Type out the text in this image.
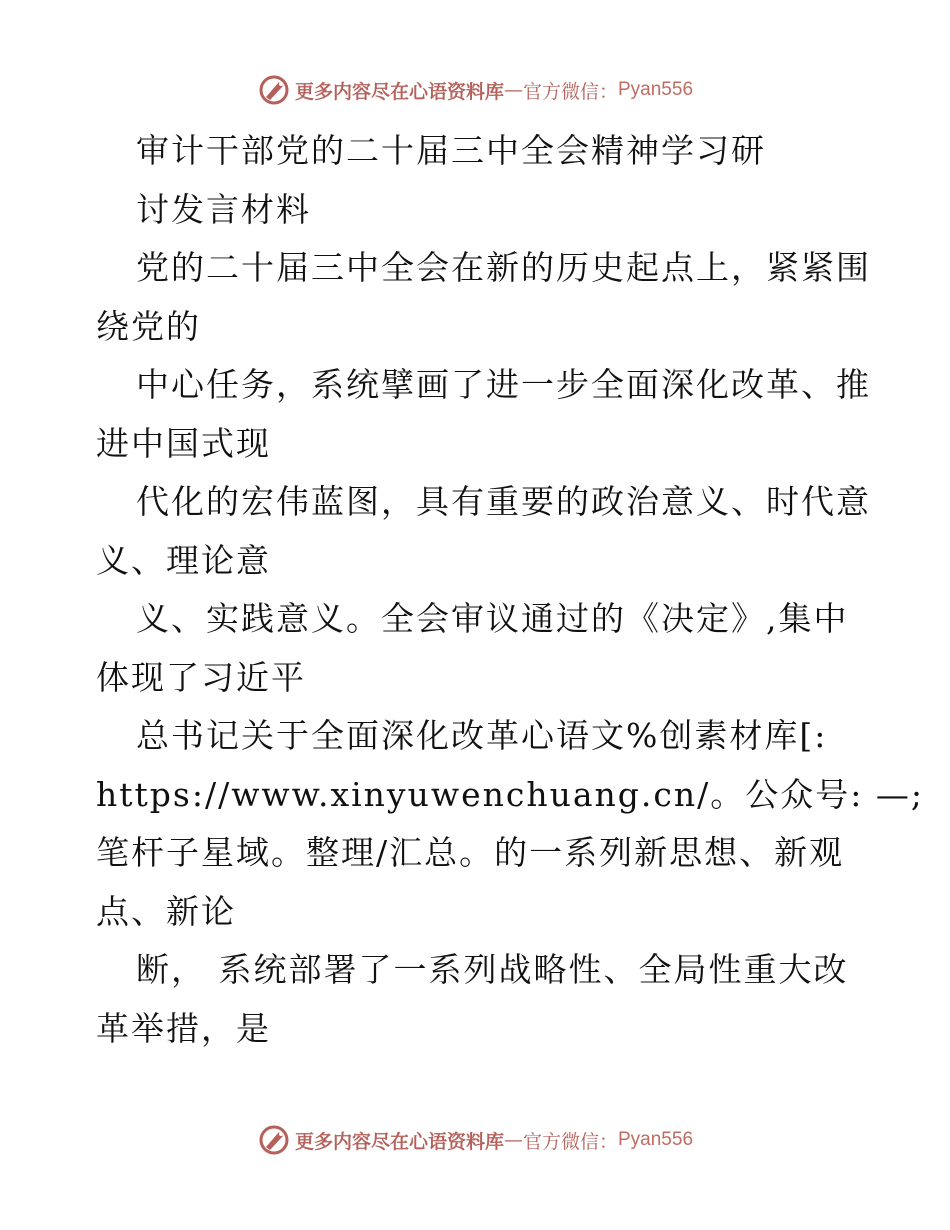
更多内容尽在心语资料库 — 官方微信： Pyan556
审计干部党的二十届三中全会精神学习研
讨发言材料
党的二十届三中全会在新的历史起点上，紧紧围
绕党的
中心任务，系统擘画了进一步全面深化改革、推
进中国式现
代化的宏伟蓝图，具有重要的政治意义、时代意
义、理论意
义、实践意义。全会审议通过的《决定》,集中
体现了习近平
总书记关于全面深化改革心语文%创素材库[:
https://www.xinyuwenchuang.cn/。公众号: —;
笔杆子星域。整理/汇总。的一系列新思想、新观
点、新论
断， 系统部署了一系列战略性、全局性重大改
革举措，是
更多内容尽在心语资料库 — 官方微信： Pyan556
